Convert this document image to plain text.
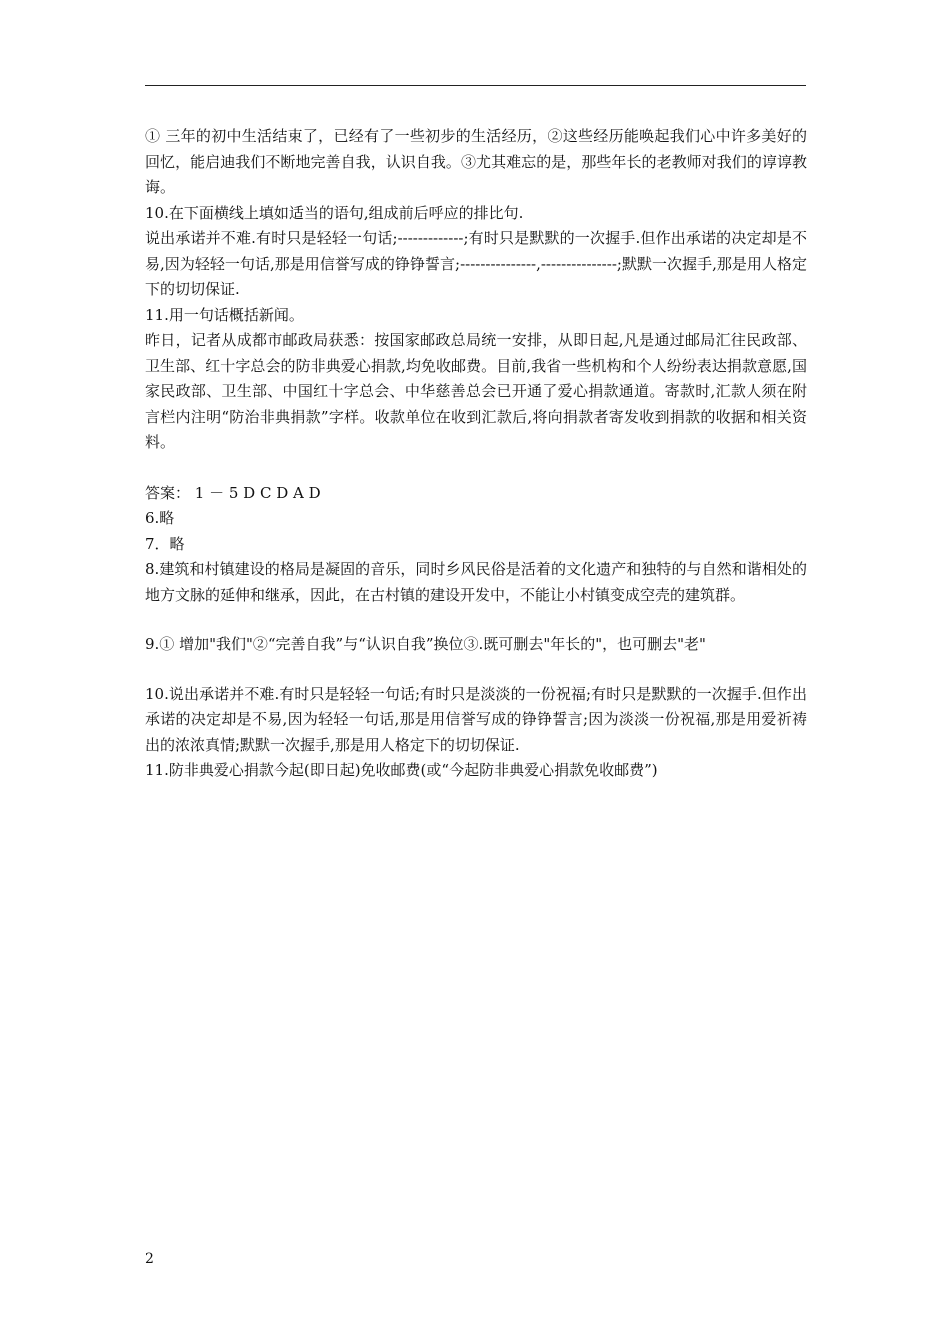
① 三年的初中生活结束了，已经有了一些初步的生活经历，②这些经历能唤起我们心中许多美好的回忆，能启迪我们不断地完善自我，认识自我。③尤其难忘的是，那些年长的老教师对我们的谆谆教诲。

10.在下面横线上填如适当的语句,组成前后呼应的排比句.

说出承诺并不难.有时只是轻轻一句话;-------------;有时只是默默的一次握手.但作出承诺的决定却是不易,因为轻轻一句话,那是用信誉写成的铮铮誓言;---------------,---------------;默默一次握手,那是用人格定下的切切保证.

11.用一句话概括新闻。

昨日，记者从成都市邮政局获悉：按国家邮政总局统一安排，从即日起,凡是通过邮局汇往民政部、卫生部、红十字总会的防非典爱心捐款,均免收邮费。目前,我省一些机构和个人纷纷表达捐款意愿,国家民政部、卫生部、中国红十字总会、中华慈善总会已开通了爱心捐款通道。寄款时,汇款人须在附言栏内注明“防治非典捐款”字样。收款单位在收到汇款后,将向捐款者寄发收到捐款的收据和相关资料。

答案： 1 － 5 D C D A D

6.略

7．略

8.建筑和村镇建设的格局是凝固的音乐，同时乡风民俗是活着的文化遗产和独特的与自然和谐相处的地方文脉的延伸和继承，因此，在古村镇的建设开发中，不能让小村镇变成空壳的建筑群。

9.① 增加"我们"②“完善自我”与“认识自我”换位③.既可删去"年长的"，也可删去"老"

10.说出承诺并不难.有时只是轻轻一句话;有时只是淡淡的一份祝福;有时只是默默的一次握手.但作出承诺的决定却是不易,因为轻轻一句话,那是用信誉写成的铮铮誓言;因为淡淡一份祝福,那是用爱祈祷出的浓浓真情;默默一次握手,那是用人格定下的切切保证.

11.防非典爱心捐款今起(即日起)免收邮费(或“今起防非典爱心捐款免收邮费”)

2
